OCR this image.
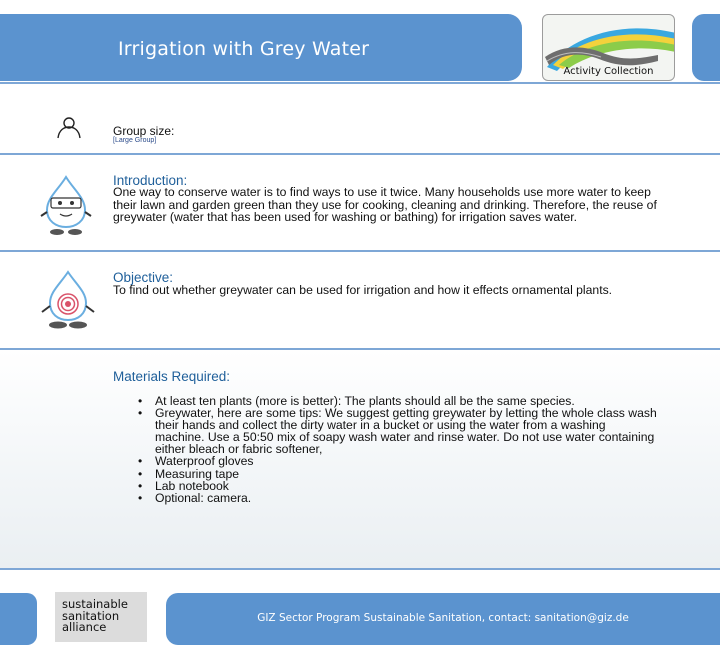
Irrigation with Grey Water
Activity Collection
Group size:
[Large Group]
Introduction:
One way to conserve water is to find ways to use it twice. Many households use more water to keep their lawn and garden green than they use for cooking, cleaning and drinking. Therefore, the reuse of greywater (water that has been used for washing or bathing) for irrigation saves water.
Objective:
To find out whether greywater can be used for irrigation and how it effects ornamental plants.
Materials Required:
• At least ten plants (more is better): The plants should all be the same species.
• Greywater, here are some tips: We suggest getting greywater by letting the whole class wash their hands and collect the dirty water in a bucket or using the water from a washing machine. Use a 50:50 mix of soapy wash water and rinse water. Do not use water containing either bleach or fabric softener,
• Waterproof gloves
• Measuring tape
• Lab notebook
• Optional: camera.
sustainable
sanitation
alliance
GIZ Sector Program Sustainable Sanitation, contact: sanitation@giz.de
